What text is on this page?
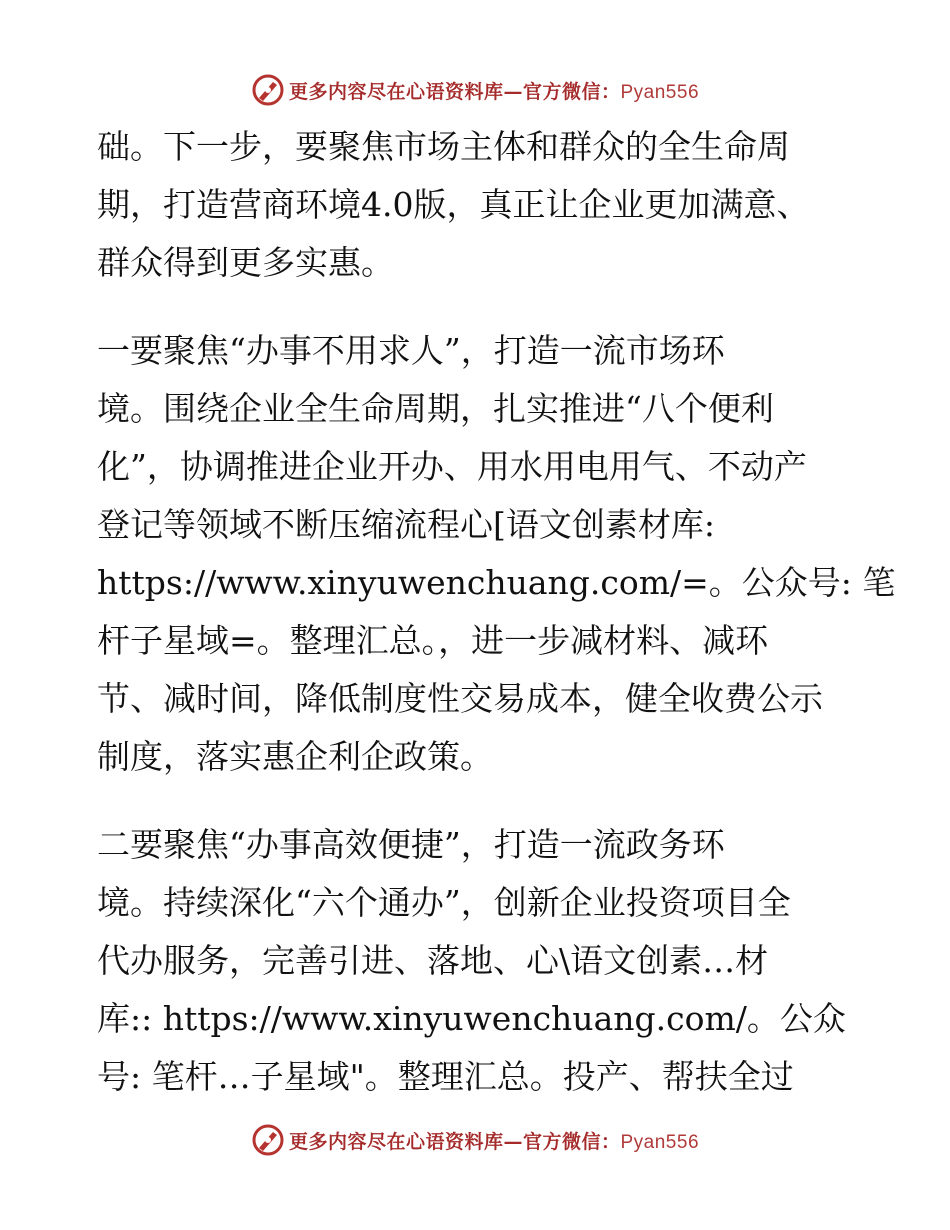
更多内容尽在心语资料库—官方微信：Pyan556
础。下一步，要聚焦市场主体和群众的全生命周
期，打造营商环境4.0版，真正让企业更加满意、
群众得到更多实惠。
一要聚焦“办事不用求人”，打造一流市场环
境。围绕企业全生命周期，扎实推进“八个便利
化”，协调推进企业开办、用水用电用气、不动产
登记等领域不断压缩流程心[语文创素材库:
https://www.xinyuwenchuang.com/=。公众号: 笔
杆子星域=。整理汇总。，进一步减材料、减环
节、减时间，降低制度性交易成本，健全收费公示
制度，落实惠企利企政策。
二要聚焦“办事高效便捷”，打造一流政务环
境。持续深化“六个通办”，创新企业投资项目全
代办服务，完善引进、落地、心\语文创素…材
库:: https://www.xinyuwenchuang.com/。公众
号: 笔杆…子星域"。整理汇总。投产、帮扶全过
更多内容尽在心语资料库—官方微信：Pyan556
